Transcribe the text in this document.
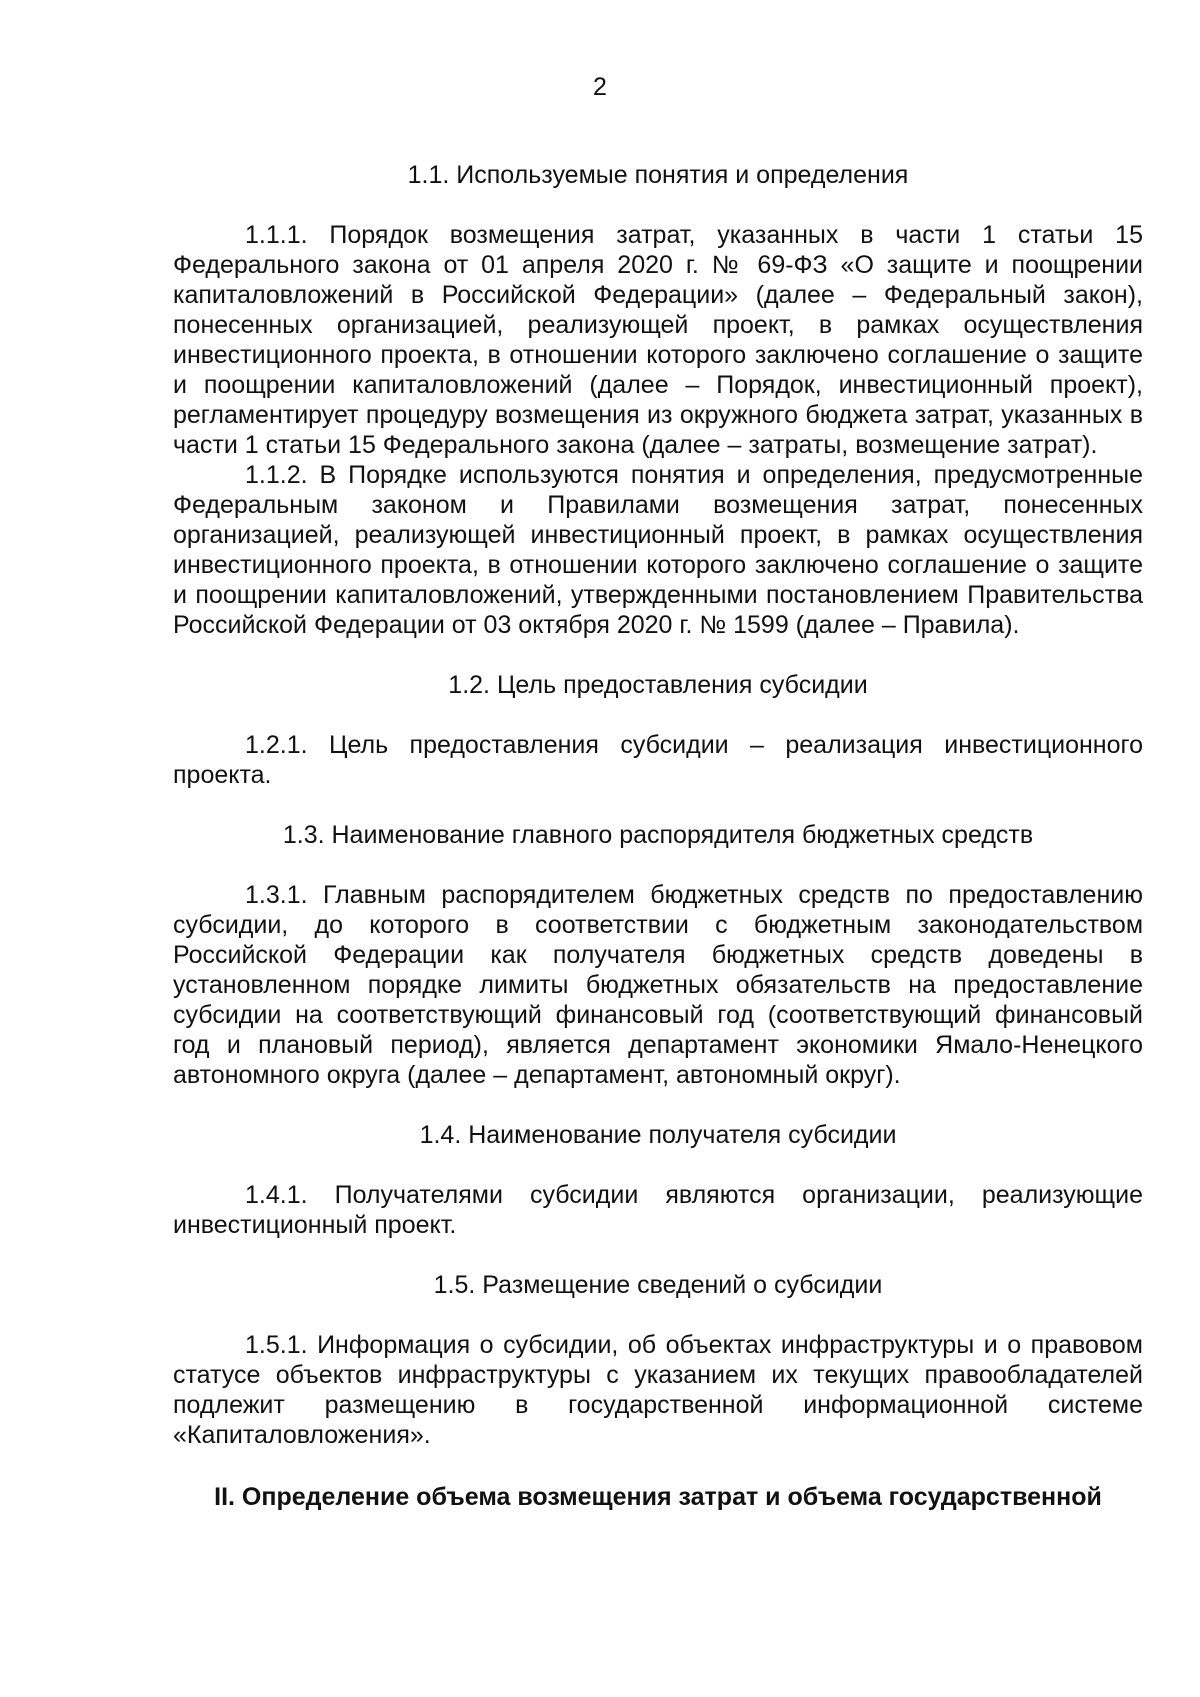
2

1.1. Используемые понятия и определения

1.1.1. Порядок возмещения затрат, указанных в части 1 статьи 15 Федерального закона от 01 апреля 2020 г. № 69-ФЗ «О защите и поощрении капиталовложений в Российской Федерации» (далее – Федеральный закон), понесенных организацией, реализующей проект, в рамках осуществления инвестиционного проекта, в отношении которого заключено соглашение о защите и поощрении капиталовложений (далее – Порядок, инвестиционный проект), регламентирует процедуру возмещения из окружного бюджета затрат, указанных в части 1 статьи 15 Федерального закона (далее – затраты, возмещение затрат).

1.1.2. В Порядке используются понятия и определения, предусмотренные Федеральным законом и Правилами возмещения затрат, понесенных организацией, реализующей инвестиционный проект, в рамках осуществления инвестиционного проекта, в отношении которого заключено соглашение о защите и поощрении капиталовложений, утвержденными постановлением Правительства Российской Федерации от 03 октября 2020 г. № 1599 (далее – Правила).

1.2. Цель предоставления субсидии

1.2.1. Цель предоставления субсидии – реализация инвестиционного проекта.

1.3. Наименование главного распорядителя бюджетных средств

1.3.1. Главным распорядителем бюджетных средств по предоставлению субсидии, до которого в соответствии с бюджетным законодательством Российской Федерации как получателя бюджетных средств доведены в установленном порядке лимиты бюджетных обязательств на предоставление субсидии на соответствующий финансовый год (соответствующий финансовый год и плановый период), является департамент экономики Ямало-Ненецкого автономного округа (далее – департамент, автономный округ).

1.4. Наименование получателя субсидии

1.4.1. Получателями субсидии являются организации, реализующие инвестиционный проект.

1.5. Размещение сведений о субсидии

1.5.1. Информация о субсидии, об объектах инфраструктуры и о правовом статусе объектов инфраструктуры с указанием их текущих правообладателей подлежит размещению в государственной информационной системе «Капиталовложения».

II. Определение объема возмещения затрат и объема государственной
